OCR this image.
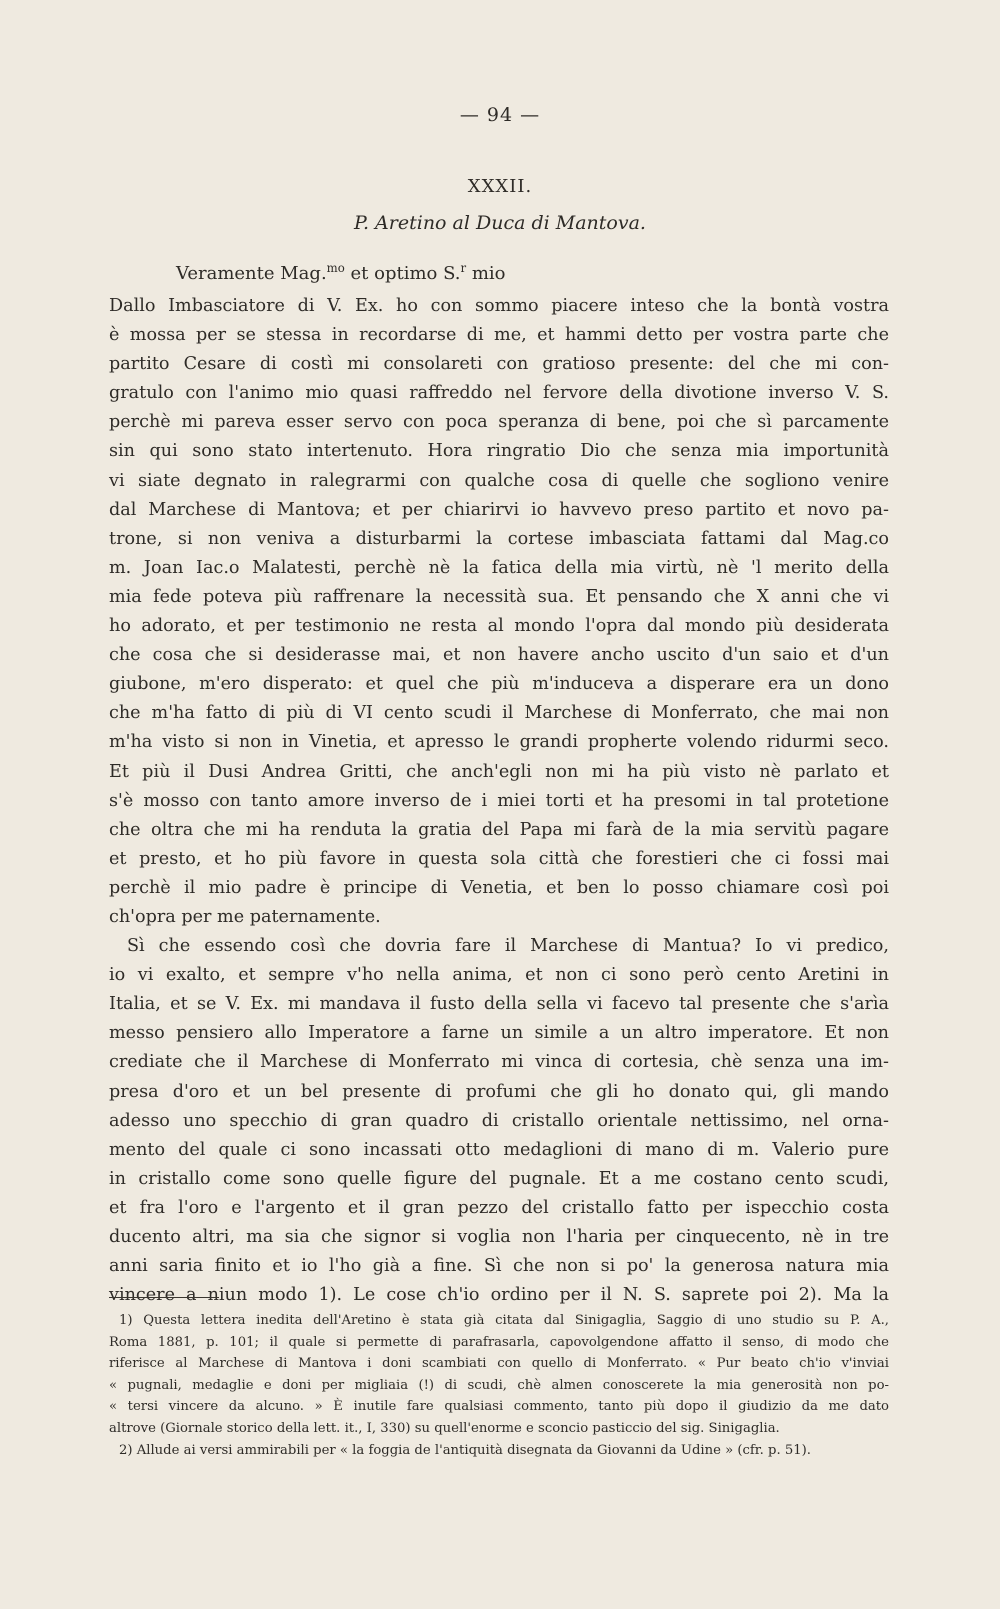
— 94 —
XXXII.
P. Aretino al Duca di Mantova.
Veramente Mag.$^{mo}$ et optimo S.$^r$ mio

Dallo Imbasciatore di V. Ex. ho con sommo piacere inteso che la bontà vostra

è mossa per se stessa in recordarse di me, et hammi detto per vostra parte che

partito Cesare di costì mi consolareti con gratioso presente: del che mi con-

gratulo con l'animo mio quasi raffreddo nel fervore della divotione inverso V. S.

perchè mi pareva esser servo con poca speranza di bene, poi che sì parcamente

sin qui sono stato intertenuto. Hora ringratio Dio che senza mia importunità

vi siate degnato in ralegrarmi con qualche cosa di quelle che sogliono venire

dal Marchese di Mantova; et per chiarirvi io havvevo preso partito et novo pa-

trone, si non veniva a disturbarmi la cortese imbasciata fattami dal Mag.co

m. Joan Iac.o Malatesti, perchè nè la fatica della mia virtù, nè 'l merito della

mia fede poteva più raffrenare la necessità sua. Et pensando che X anni che vi

ho adorato, et per testimonio ne resta al mondo l'opra dal mondo più desiderata

che cosa che si desiderasse mai, et non havere ancho uscito d'un saio et d'un

giubone, m'ero disperato: et quel che più m'induceva a disperare era un dono

che m'ha fatto di più di VI cento scudi il Marchese di Monferrato, che mai non

m'ha visto si non in Vinetia, et apresso le grandi propherte volendo ridurmi seco.

Et più il Dusi Andrea Gritti, che anch'egli non mi ha più visto nè parlato et

s'è mosso con tanto amore inverso de i miei torti et ha presomi in tal protetione

che oltra che mi ha renduta la gratia del Papa mi farà de la mia servitù pagare

et presto, et ho più favore in questa sola città che forestieri che ci fossi mai

perchè il mio padre è principe di Venetia, et ben lo posso chiamare così poi

ch'opra per me paternamente.

Sì che essendo così che dovria fare il Marchese di Mantua? Io vi predico,

io vi exalto, et sempre v'ho nella anima, et non ci sono però cento Aretini in

Italia, et se V. Ex. mi mandava il fusto della sella vi facevo tal presente che s'arìa

messo pensiero allo Imperatore a farne un simile a un altro imperatore. Et non

crediate che il Marchese di Monferrato mi vinca di cortesia, chè senza una im-

presa d'oro et un bel presente di profumi che gli ho donato qui, gli mando

adesso uno specchio di gran quadro di cristallo orientale nettissimo, nel orna-

mento del quale ci sono incassati otto medaglioni di mano di m. Valerio pure

in cristallo come sono quelle figure del pugnale. Et a me costano cento scudi,

et fra l'oro e l'argento et il gran pezzo del cristallo fatto per ispecchio costa

ducento altri, ma sia che signor si voglia non l'haria per cinquecento, nè in tre

anni saria finito et io l'ho già a fine. Sì che non si po' la generosa natura mia

vincere a niun modo 1). Le cose ch'io ordino per il N. S. saprete poi 2). Ma la

1) Questa lettera inedita dell'Aretino è stata già citata dal Sinigaglia, Saggio di uno studio su P. A.,

Roma 1881, p. 101; il quale si permette di parafrasarla, capovolgendone affatto il senso, di modo che

riferisce al Marchese di Mantova i doni scambiati con quello di Monferrato. « Pur beato ch'io v'inviai

« pugnali, medaglie e doni per migliaia (!) di scudi, chè almen conoscerete la mia generosità non po-

« tersi vincere da alcuno. » È inutile fare qualsiasi commento, tanto più dopo il giudizio da me dato

altrove (Giornale storico della lett. it., I, 330) su quell'enorme e sconcio pasticcio del sig. Sinigaglia.

2) Allude ai versi ammirabili per « la foggia de l'antiquità disegnata da Giovanni da Udine » (cfr. p. 51).
